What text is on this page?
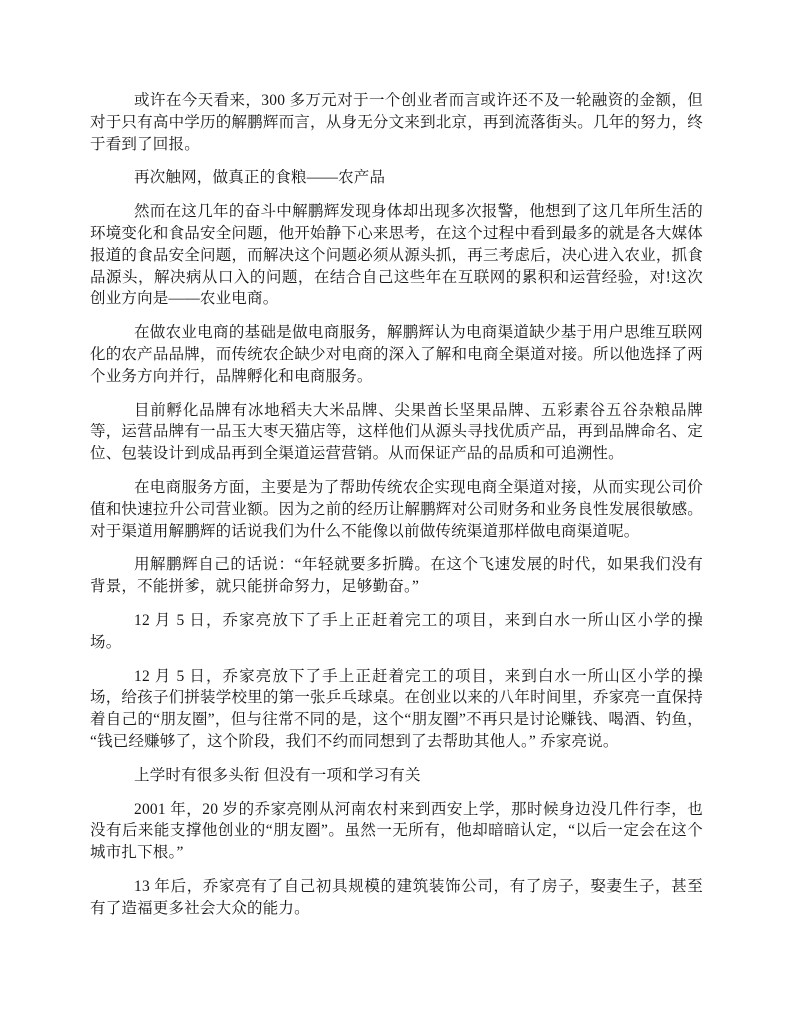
或许在今天看来，300 多万元对于一个创业者而言或许还不及一轮融资的金额，但对于只有高中学历的解鹏辉而言，从身无分文来到北京，再到流落街头。几年的努力，终于看到了回报。

再次触网，做真正的食粮——农产品

然而在这几年的奋斗中解鹏辉发现身体却出现多次报警，他想到了这几年所生活的环境变化和食品安全问题，他开始静下心来思考，在这个过程中看到最多的就是各大媒体报道的食品安全问题，而解决这个问题必须从源头抓，再三考虑后，决心进入农业，抓食品源头，解决病从口入的问题，在结合自己这些年在互联网的累积和运营经验，对!这次创业方向是——农业电商。

在做农业电商的基础是做电商服务，解鹏辉认为电商渠道缺少基于用户思维互联网化的农产品品牌，而传统农企缺少对电商的深入了解和电商全渠道对接。所以他选择了两个业务方向并行，品牌孵化和电商服务。

目前孵化品牌有冰地稻夫大米品牌、尖果酋长坚果品牌、五彩素谷五谷杂粮品牌等，运营品牌有一品玉大枣天猫店等，这样他们从源头寻找优质产品，再到品牌命名、定位、包装设计到成品再到全渠道运营营销。从而保证产品的品质和可追溯性。

在电商服务方面，主要是为了帮助传统农企实现电商全渠道对接，从而实现公司价值和快速拉升公司营业额。因为之前的经历让解鹏辉对公司财务和业务良性发展很敏感。对于渠道用解鹏辉的话说我们为什么不能像以前做传统渠道那样做电商渠道呢。

用解鹏辉自己的话说：“年轻就要多折腾。在这个飞速发展的时代，如果我们没有背景，不能拼爹，就只能拼命努力，足够勤奋。”

12 月 5 日，乔家亮放下了手上正赶着完工的项目，来到白水一所山区小学的操场。

12 月 5 日，乔家亮放下了手上正赶着完工的项目，来到白水一所山区小学的操场，给孩子们拼装学校里的第一张乒乓球桌。在创业以来的八年时间里，乔家亮一直保持着自己的“朋友圈”，但与往常不同的是，这个“朋友圈”不再只是讨论赚钱、喝酒、钓鱼，“钱已经赚够了，这个阶段，我们不约而同想到了去帮助其他人。” 乔家亮说。

上学时有很多头衔 但没有一项和学习有关

2001 年，20 岁的乔家亮刚从河南农村来到西安上学，那时候身边没几件行李，也没有后来能支撑他创业的“朋友圈”。虽然一无所有，他却暗暗认定，“以后一定会在这个城市扎下根。”

13 年后，乔家亮有了自己初具规模的建筑装饰公司，有了房子，娶妻生子，甚至有了造福更多社会大众的能力。
